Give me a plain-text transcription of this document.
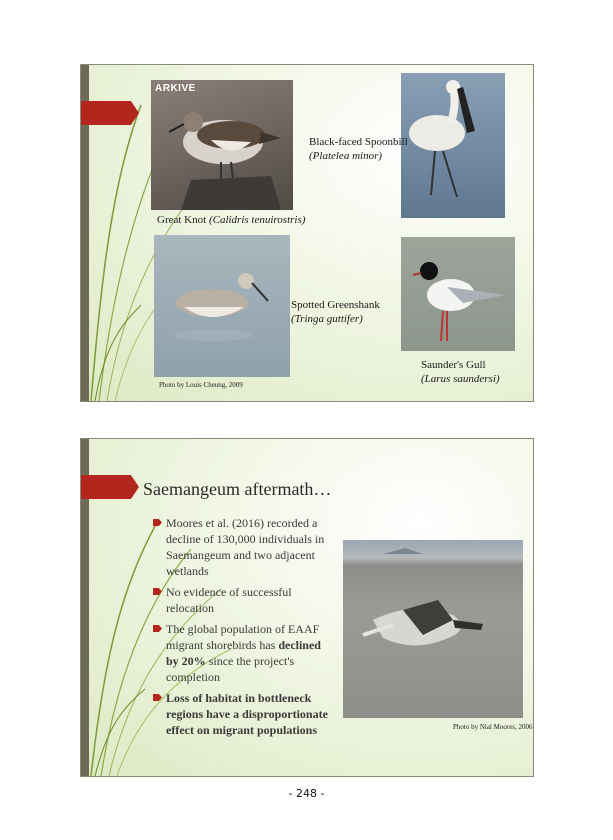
ARKIVE
Great Knot (Calidris tenuirostris)
Black-faced Spoonbill
(Platelea minor)
Spotted Greenshank
(Tringa guttifer)
Saunder's Gull
(Larus saundersi)
Photo by Louis Cheung, 2009
Saemangeum aftermath…
Moores et al. (2016) recorded a decline of 130,000 individuals in Saemangeum and two adjacent wetlands
No evidence of successful relocation
The global population of EAAF migrant shorebirds has declined by 20% since the project's completion
Loss of habitat in bottleneck regions have a disproportionate effect on migrant populations	Photo by Nial Moores, 2006
- 248 -
